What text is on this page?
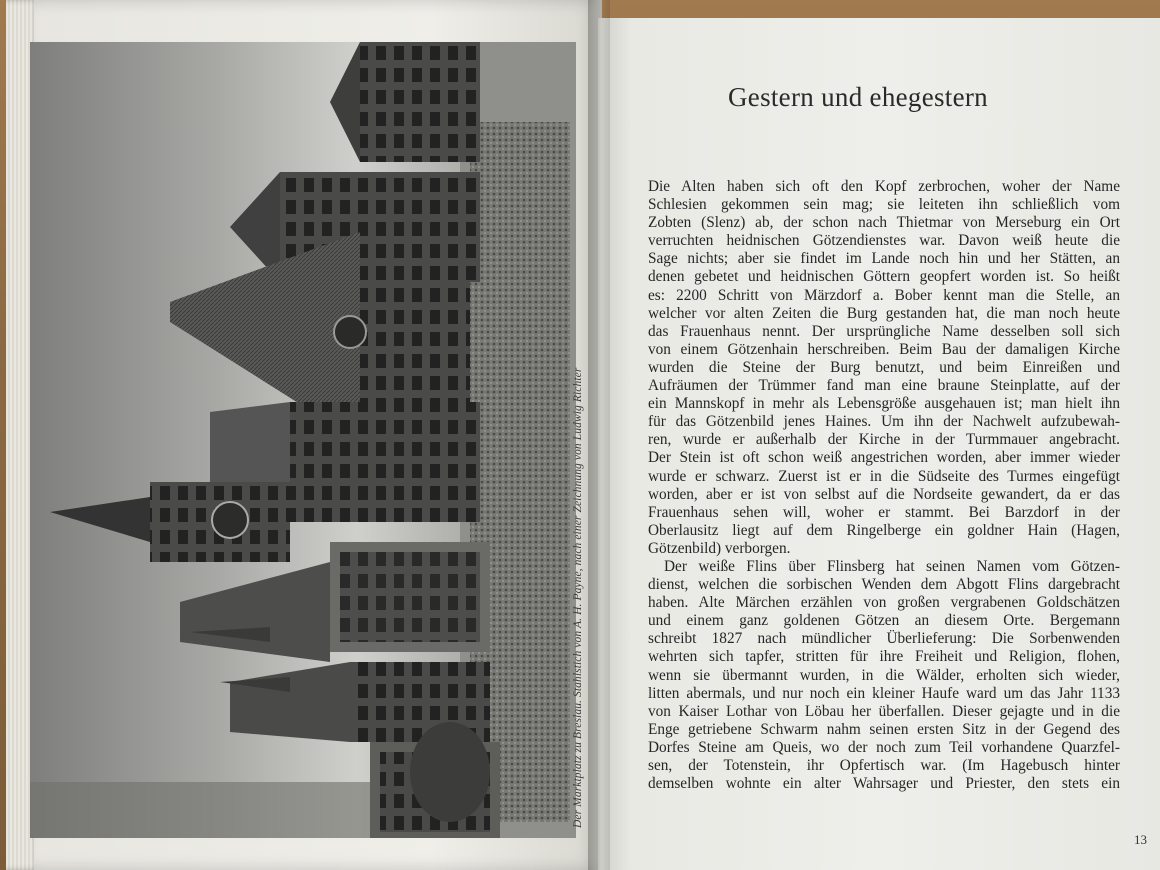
Der Marktplatz zu Breslau. Stahlstich von A. H. Payne, nach einer Zeichnung von Ludwig Richter
Gestern und ehegestern
Die Alten haben sich oft den Kopf zerbrochen, woher der Name
Schlesien gekommen sein mag; sie leiteten ihn schließlich vom
Zobten (Slenz) ab, der schon nach Thietmar von Merseburg ein Ort
verruchten heidnischen Götzendienstes war. Davon weiß heute die
Sage nichts; aber sie findet im Lande noch hin und her Stätten, an
denen gebetet und heidnischen Göttern geopfert worden ist. So heißt
es: 2200 Schritt von Märzdorf a. Bober kennt man die Stelle, an
welcher vor alten Zeiten die Burg gestanden hat, die man noch heute
das Frauenhaus nennt. Der ursprüngliche Name desselben soll sich
von einem Götzenhain herschreiben. Beim Bau der damaligen Kirche
wurden die Steine der Burg benutzt, und beim Einreißen und
Aufräumen der Trümmer fand man eine braune Steinplatte, auf der
ein Mannskopf in mehr als Lebensgröße ausgehauen ist; man hielt ihn
für das Götzenbild jenes Haines. Um ihn der Nachwelt aufzubewah-
ren, wurde er außerhalb der Kirche in der Turmmauer angebracht.
Der Stein ist oft schon weiß angestrichen worden, aber immer wieder
wurde er schwarz. Zuerst ist er in die Südseite des Turmes eingefügt
worden, aber er ist von selbst auf die Nordseite gewandert, da er das
Frauenhaus sehen will, woher er stammt. Bei Barzdorf in der
Oberlausitz liegt auf dem Ringelberge ein goldner Hain (Hagen,
Götzenbild) verborgen.
Der weiße Flins über Flinsberg hat seinen Namen vom Götzen-
dienst, welchen die sorbischen Wenden dem Abgott Flins dargebracht
haben. Alte Märchen erzählen von großen vergrabenen Goldschätzen
und einem ganz goldenen Götzen an diesem Orte. Bergemann
schreibt 1827 nach mündlicher Überlieferung: Die Sorbenwenden
wehrten sich tapfer, stritten für ihre Freiheit und Religion, flohen,
wenn sie übermannt wurden, in die Wälder, erholten sich wieder,
litten abermals, und nur noch ein kleiner Haufe ward um das Jahr 1133
von Kaiser Lothar von Löbau her überfallen. Dieser gejagte und in die
Enge getriebene Schwarm nahm seinen ersten Sitz in der Gegend des
Dorfes Steine am Queis, wo der noch zum Teil vorhandene Quarzfel-
sen, der Totenstein, ihr Opfertisch war. (Im Hagebusch hinter
demselben wohnte ein alter Wahrsager und Priester, den stets ein
13
